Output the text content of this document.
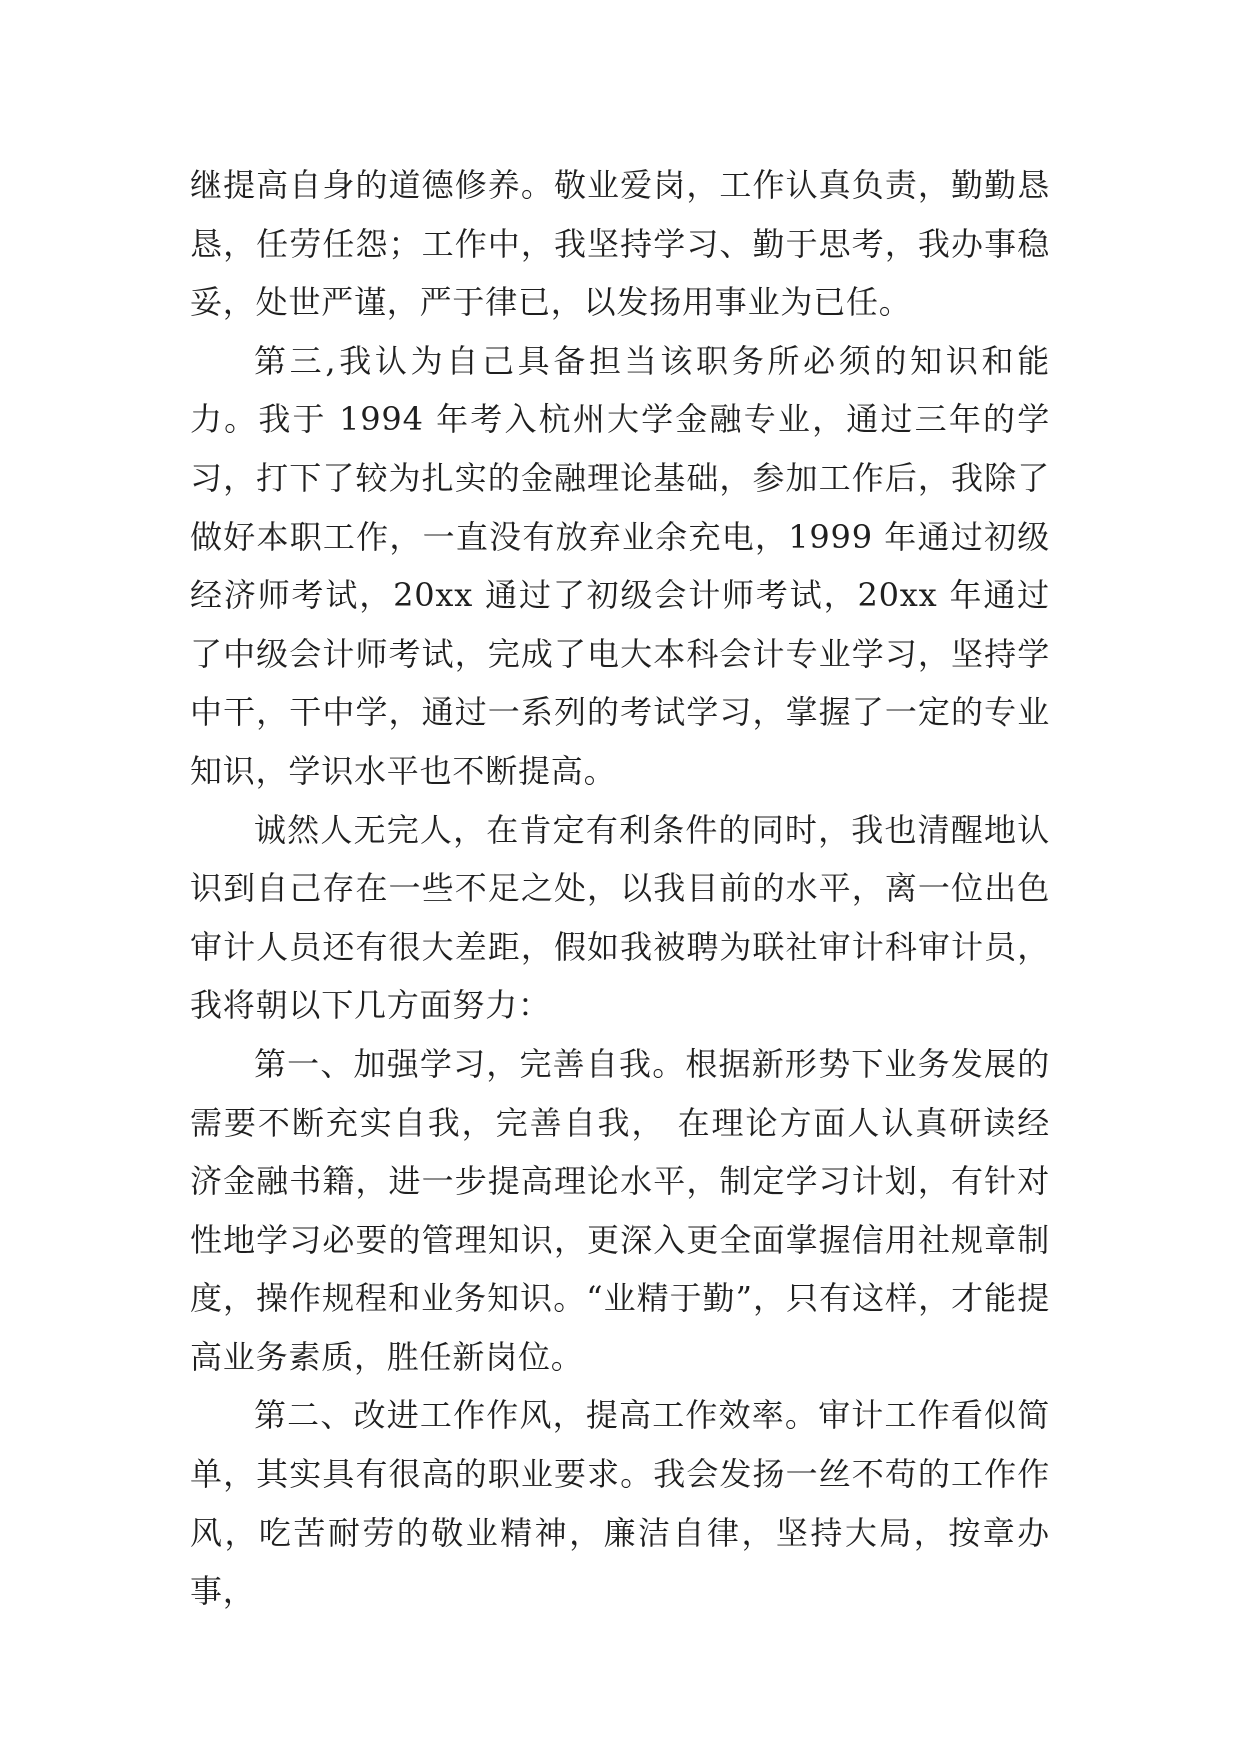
继提高自身的道德修养。敬业爱岗，工作认真负责，勤勤恳恳，任劳任怨；工作中，我坚持学习、勤于思考，我办事稳妥，处世严谨，严于律已，以发扬用事业为已任。

第三,我认为自己具备担当该职务所必须的知识和能力。我于 1994 年考入杭州大学金融专业，通过三年的学习，打下了较为扎实的金融理论基础，参加工作后，我除了做好本职工作，一直没有放弃业余充电，1999 年通过初级经济师考试，20xx 通过了初级会计师考试，20xx 年通过了中级会计师考试，完成了电大本科会计专业学习，坚持学中干，干中学，通过一系列的考试学习，掌握了一定的专业知识，学识水平也不断提高。

诚然人无完人，在肯定有利条件的同时，我也清醒地认识到自己存在一些不足之处，以我目前的水平，离一位出色审计人员还有很大差距，假如我被聘为联社审计科审计员，我将朝以下几方面努力：

第一、加强学习，完善自我。根据新形势下业务发展的需要不断充实自我，完善自我， 在理论方面人认真研读经济金融书籍，进一步提高理论水平，制定学习计划，有针对性地学习必要的管理知识，更深入更全面掌握信用社规章制度，操作规程和业务知识。“业精于勤”，只有这样，才能提高业务素质，胜任新岗位。

第二、改进工作作风，提高工作效率。审计工作看似简单，其实具有很高的职业要求。我会发扬一丝不苟的工作作风，吃苦耐劳的敬业精神，廉洁自律，坚持大局，按章办事，
